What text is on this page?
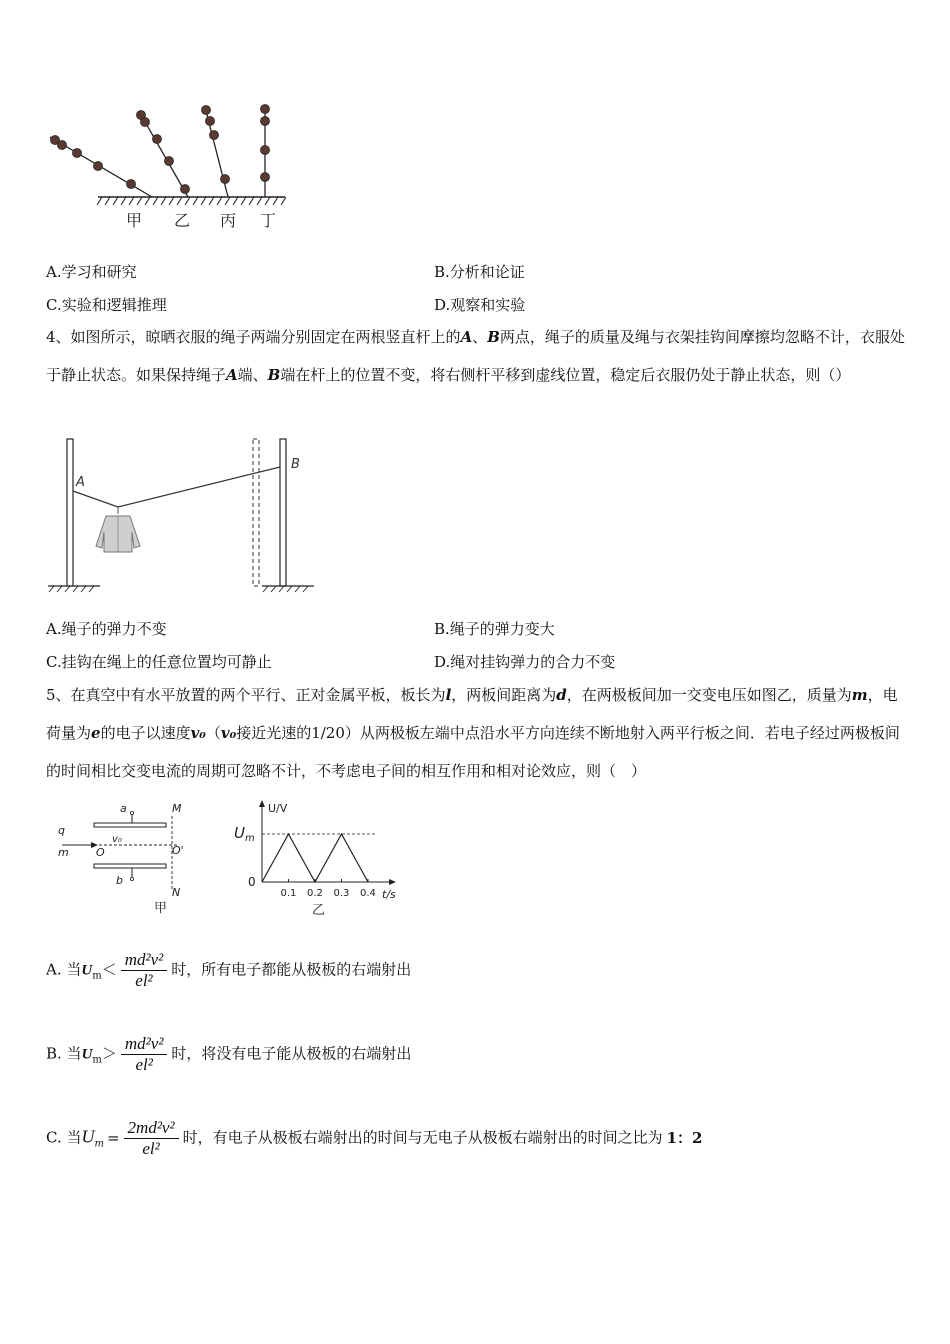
甲 乙 丙 丁
A.学习和研究	B.分析和论证
C.实验和逻辑推理	D.观察和实验
4、如图所示，晾晒衣服的绳子两端分别固定在两根竖直杆上的A、B两点，绳子的质量及绳与衣架挂钩间摩擦均忽略不计，衣服处于静止状态。如果保持绳子A端、B端在杆上的位置不变，将右侧杆平移到虚线位置，稳定后衣服仍处于静止状态，则（）
A
B
A.绳子的弹力不变	B.绳子的弹力变大
C.挂钩在绳上的任意位置均可静止	D.绳对挂钩弹力的合力不变
5、在真空中有水平放置的两个平行、正对金属平板，板长为l，两板间距离为d，在两极板间加一交变电压如图乙，质量为m，电荷量为e的电子以速度v₀（v₀接近光速的1/20）从两极板左端中点沿水平方向连续不断地射入两平行板之间．若电子经过两极板间的时间相比交变电流的周期可忽略不计，不考虑电子间的相互作用和相对论效应，则（　）
a	M
q
m
v₀
O	O'
b
N
甲
U/V
$U_m$
0
t/s
0.1 0.2 0.3 0.4
乙
A. 当$U_m< \frac{\text{md²v²}}{\text{el²}}$ 时，所有电子都能从极板的右端射出
B. 当$U_m> \frac{\text{md²v²}}{\text{el²}}$ 时，将没有电子能从极板的右端射出
C. 当$U_m = \frac{\text{2md²v²}}{\text{el²}}$ 时，有电子从极板右端射出的时间与无电子从极板右端射出的时间之比为 1：2
